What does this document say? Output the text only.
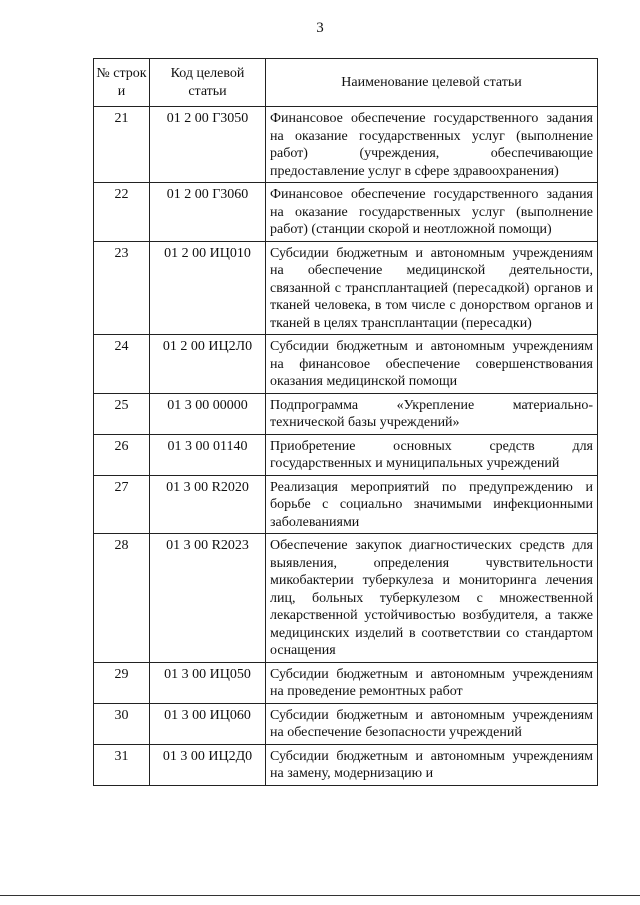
3
№ строк и	Код целевой статьи	Наименование целевой статьи
21	01 2 00 Г3050	Финансовое обеспечение государственного задания на оказание государственных услуг (выполнение работ) (учреждения, обеспечивающие предоставление услуг в сфере здравоохранения)
22	01 2 00 Г3060	Финансовое обеспечение государственного задания на оказание государственных услуг (выполнение работ) (станции скорой и неотложной помощи)
23	01 2 00 ИЦ010	Субсидии бюджетным и автономным учреждениям на обеспечение медицинской деятельности, связанной с трансплантацией (пересадкой) органов и тканей человека, в том числе с донорством органов и тканей в целях трансплантации (пересадки)
24	01 2 00 ИЦ2Л0	Субсидии бюджетным и автономным учреждениям на финансовое обеспечение совершенствования оказания медицинской помощи
25	01 3 00 00000	Подпрограмма «Укрепление материально-технической базы учреждений»
26	01 3 00 01140	Приобретение основных средств для государственных и муниципальных учреждений
27	01 3 00 R2020	Реализация мероприятий по предупреждению и борьбе с социально значимыми инфекционными заболеваниями
28	01 3 00 R2023	Обеспечение закупок диагностических средств для выявления, определения чувствительности микобактерии туберкулеза и мониторинга лечения лиц, больных туберкулезом с множественной лекарственной устойчивостью возбудителя, а также медицинских изделий в соответствии со стандартом оснащения
29	01 3 00 ИЦ050	Субсидии бюджетным и автономным учреждениям на проведение ремонтных работ
30	01 3 00 ИЦ060	Субсидии бюджетным и автономным учреждениям на обеспечение безопасности учреждений
31	01 3 00 ИЦ2Д0	Субсидии бюджетным и автономным учреждениям на замену, модернизацию и
